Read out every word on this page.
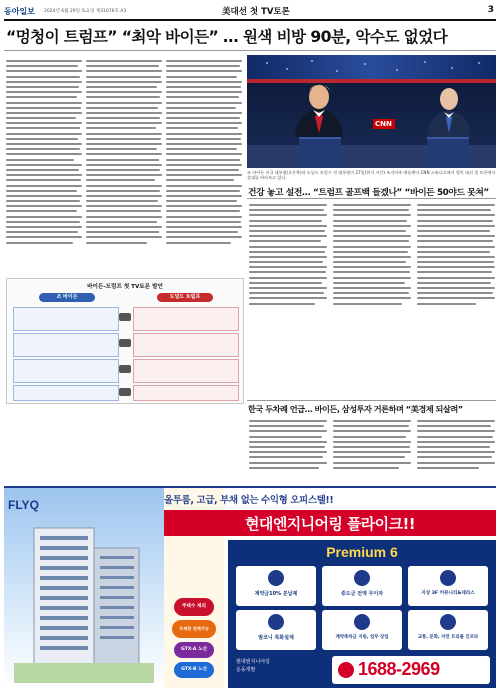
동아일보 2024년 6월 29일 토요일 제31076호 A3	美대선 첫 TV토론	3
“멍청이 트럼프” “최악 바이든” … 원색 비방 90분, 악수도 없었다
CNN
조 바이든 미국 대통령(오른쪽)과 도널드 트럼프 전 대통령이 27일(현지 시간) 조지아주 애틀랜타 CNN 스튜디오에서 열린 대선 첫 토론에서 상대를 바라보고 있다.
건강 놓고 설전… “트럼프 골프백 들겠나” “바이든 50야드 못쳐”
바이든-트럼프 첫 TV토론 발언
조 바이든	도널드 트럼프
한국 두차례 언급… 바이든, 삼성투자 거론하며 “美경제 되살려”
FLYQ
주택수 제외
무제한 전매가능
GTX-A 노선
GTX-B 노선
올투룸, 고급, 부채 없는 수익형 오피스텔!!
현대엔지니어링 플라이크!!
Premium 6
계약금10% 분납제	중도금 전액 무이자	지상 3F 커뮤니티&테라스
발코니 특화설계	계약축하금 지원, 업무 상업	교통, 문화, 자연 트리플 인프라
현대엔지니어링
운동개발	1688-2969
